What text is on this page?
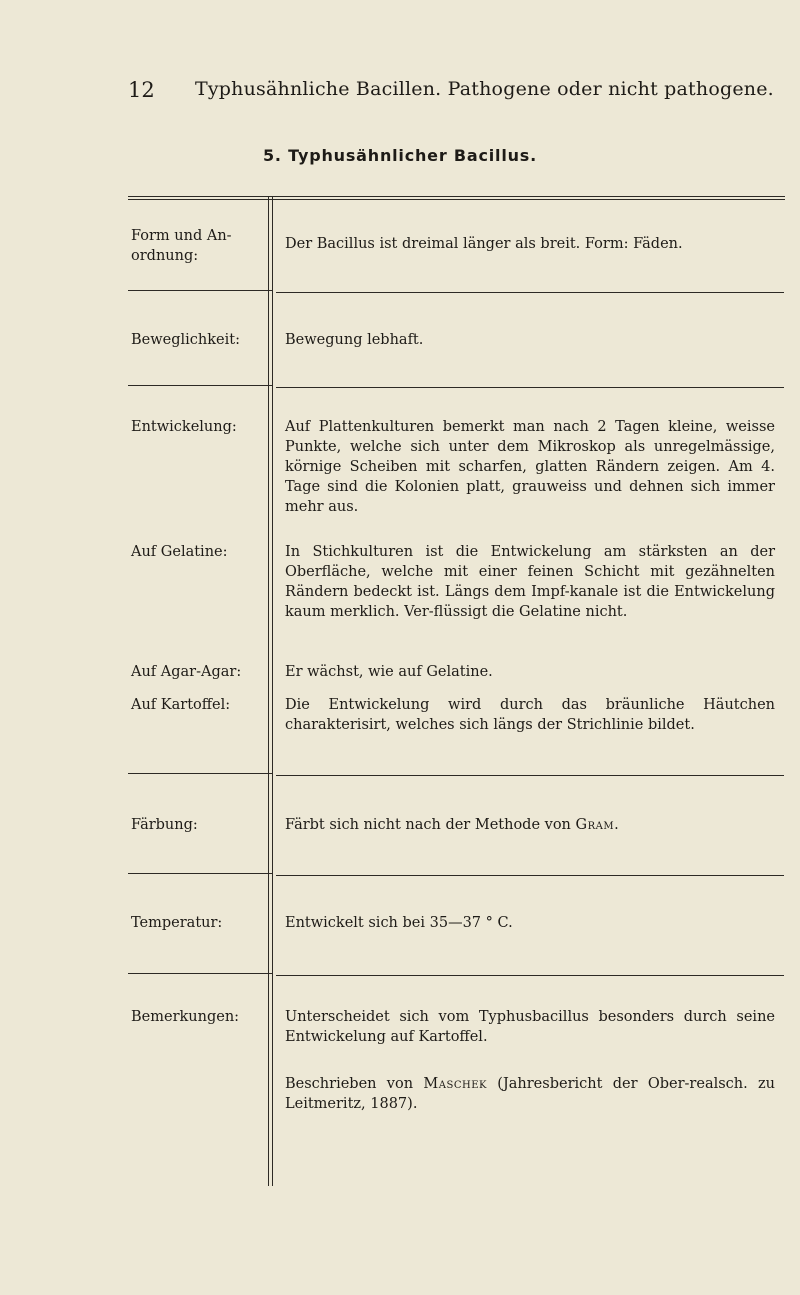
12 Typhusähnliche Bacillen. Pathogene oder nicht pathogene.
5. Typhusähnlicher Bacillus.
Form und An-ordnung:
Der Bacillus ist dreimal länger als breit. Form: Fäden.
Beweglichkeit:	Bewegung lebhaft.
Entwickelung:	Auf Plattenkulturen bemerkt man nach 2 Tagen kleine, weisse Punkte, welche sich unter dem Mikroskop als unregelmässige, körnige Scheiben mit scharfen, glatten Rändern zeigen. Am 4. Tage sind die Kolonien platt, grauweiss und dehnen sich immer mehr aus.
Auf Gelatine:	In Stichkulturen ist die Entwickelung am stärksten an der Oberfläche, welche mit einer feinen Schicht mit gezähnelten Rändern bedeckt ist. Längs dem Impf-kanale ist die Entwickelung kaum merklich. Ver-flüssigt die Gelatine nicht.
Auf Agar-Agar:	Er wächst, wie auf Gelatine.
Auf Kartoffel:	Die Entwickelung wird durch das bräunliche Häutchen charakterisirt, welches sich längs der Strichlinie bildet.
Färbung:	Färbt sich nicht nach der Methode von Gram.
Temperatur:	Entwickelt sich bei 35—37 ° C.
Bemerkungen:	Unterscheidet sich vom Typhusbacillus besonders durch seine Entwickelung auf Kartoffel.
Beschrieben von Maschek (Jahresbericht der Ober-realsch. zu Leitmeritz, 1887).
